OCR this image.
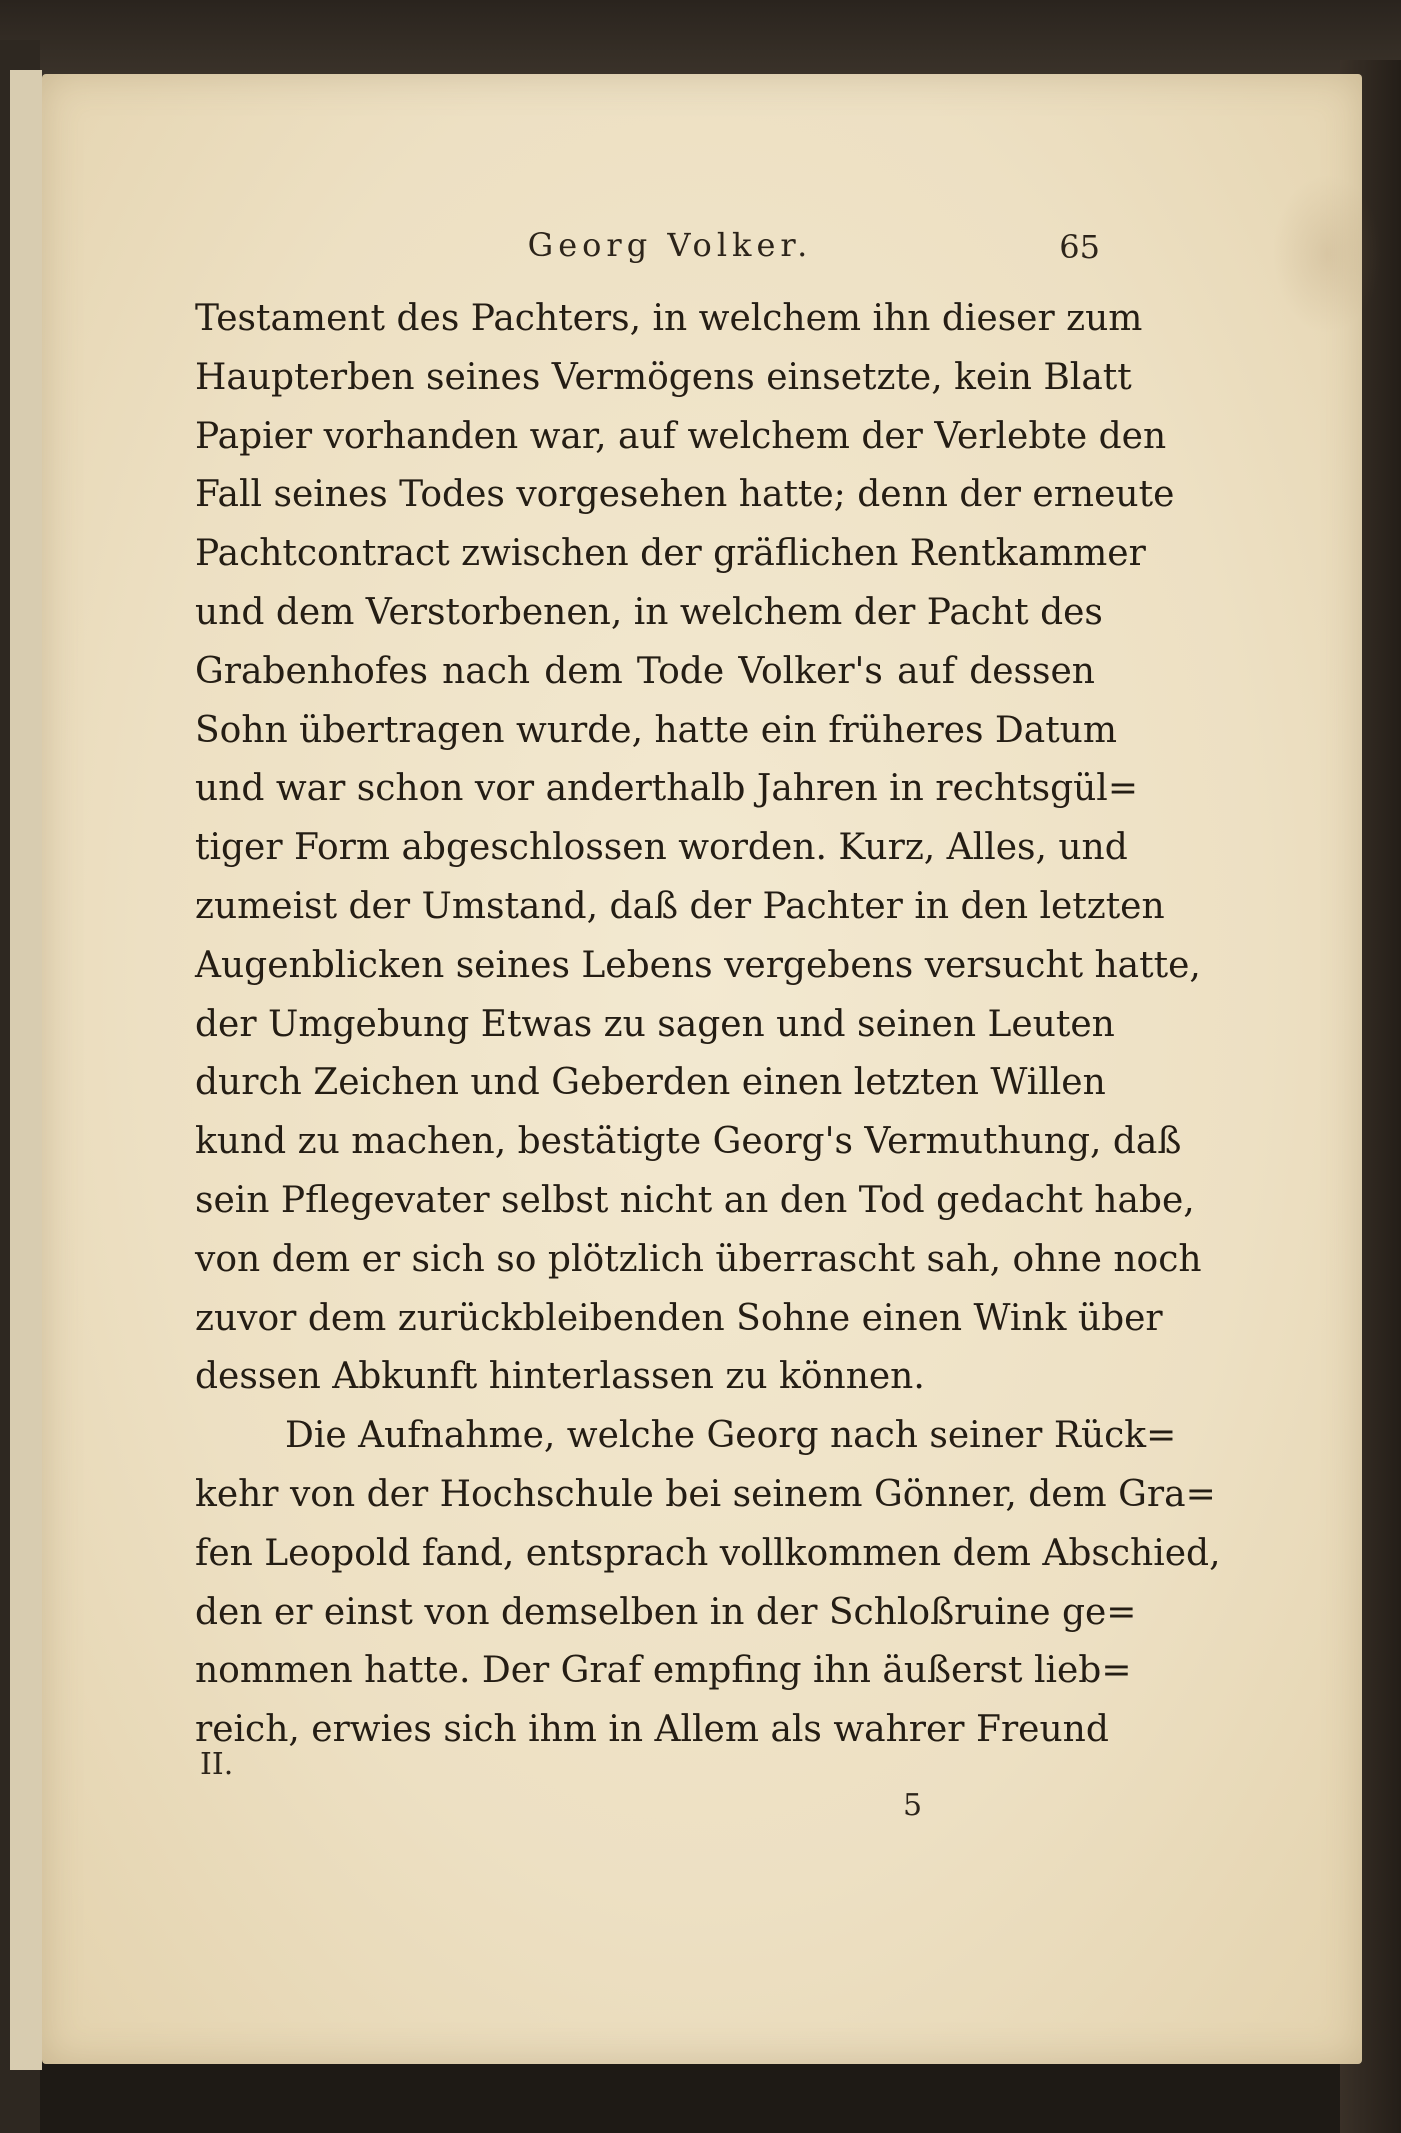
Georg Volker.	65
Testament des Pachters, in welchem ihn dieser zum
Haupterben seines Vermögens einsetzte, kein Blatt
Papier vorhanden war, auf welchem der Verlebte den
Fall seines Todes vorgesehen hatte; denn der erneute
Pachtcontract zwischen der gräflichen Rentkammer
und dem Verstorbenen, in welchem der Pacht des
Grabenhofes nach dem Tode Volker's auf dessen
Sohn übertragen wurde, hatte ein früheres Datum
und war schon vor anderthalb Jahren in rechtsgül=
tiger Form abgeschlossen worden. Kurz, Alles, und
zumeist der Umstand, daß der Pachter in den letzten
Augenblicken seines Lebens vergebens versucht hatte,
der Umgebung Etwas zu sagen und seinen Leuten
durch Zeichen und Geberden einen letzten Willen
kund zu machen, bestätigte Georg's Vermuthung, daß
sein Pflegevater selbst nicht an den Tod gedacht habe,
von dem er sich so plötzlich überrascht sah, ohne noch
zuvor dem zurückbleibenden Sohne einen Wink über
dessen Abkunft hinterlassen zu können.
Die Aufnahme, welche Georg nach seiner Rück=
kehr von der Hochschule bei seinem Gönner, dem Gra=
fen Leopold fand, entsprach vollkommen dem Abschied,
den er einst von demselben in der Schloßruine ge=
nommen hatte. Der Graf empfing ihn äußerst lieb=
reich, erwies sich ihm in Allem als wahrer Freund
II.
5
